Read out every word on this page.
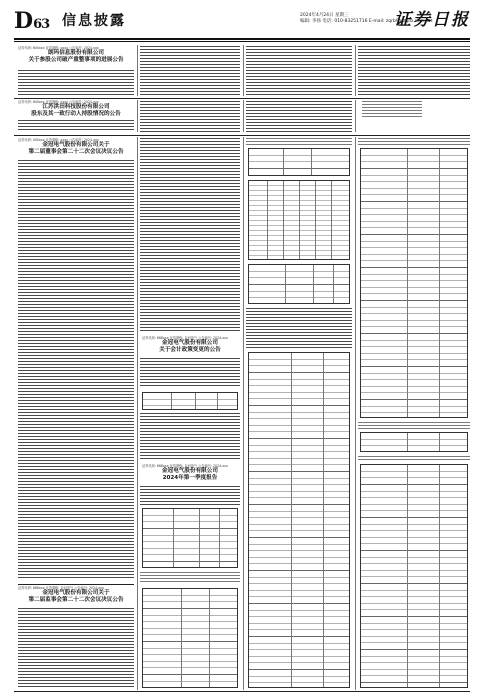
D63 信息披露	2024年4月24日 星期三
编辑: 李扬 电话: 010-83251716 E-mail: zqrb9@zqrb.sina.net
证券日报
证券代码: 600xxx 证券简称: xxxx 公告编号: 2024-xxx
朗玛信息股份有限公司
关于参股公司破产重整事项的进展公告
证券代码: 600xxx 证券简称: xxxx 公告编号: 2024-xxx
江苏洪田科技股份有限公司
股东及其一致行动人持股情况的公告
证券代码: 000xxx 证券简称: xxxx 公告编号: 2024-xxx
金冠电气股份有限公司关于
第二届董事会第二十二次会议决议公告
证券代码: 688xxx 证券简称: 金冠电气 公告编号: 2024-xxx
金冠电气股份有限公司关于
第二届监事会第二十二次会议决议公告
证券代码: 688xxx 证券简称: 金冠电气 公告编号: 2024-xxx
金冠电气股份有限公司
关于会计政策变更的公告
证券代码: 688xxx 证券简称: 金冠电气 公告编号: 2024-xxx
金冠电气股份有限公司
2024年第一季度报告
